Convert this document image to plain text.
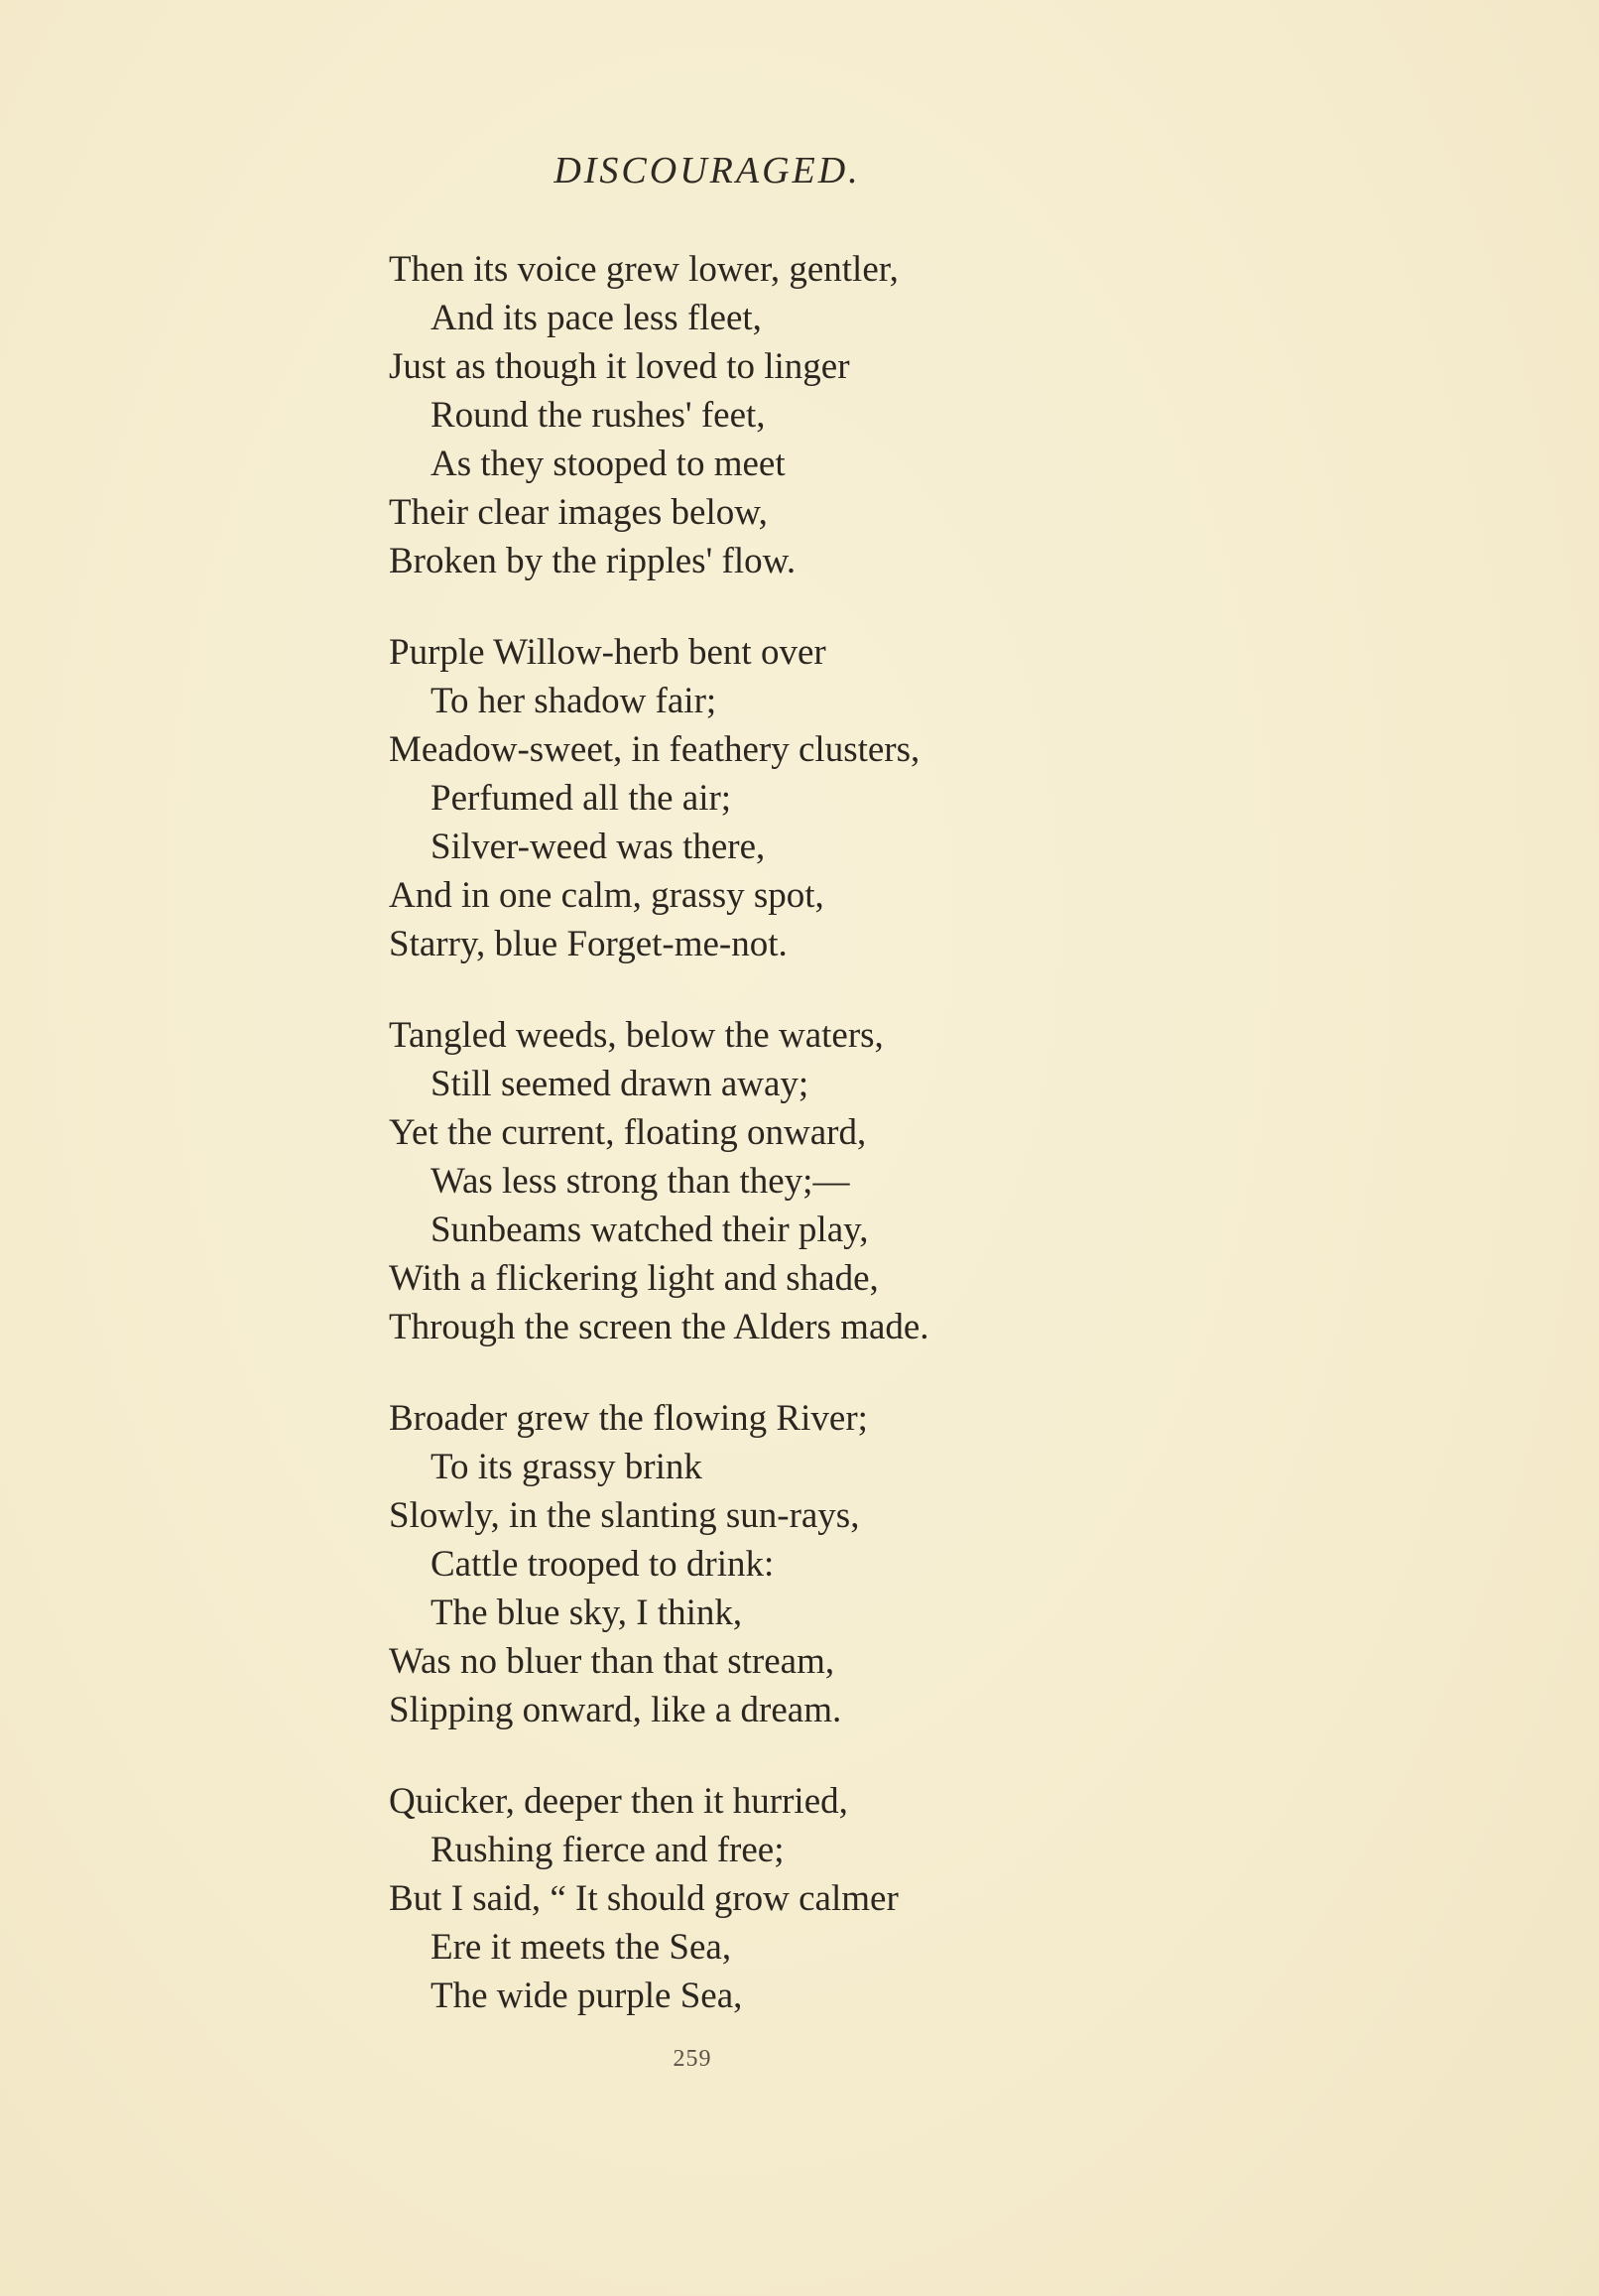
DISCOURAGED.
Then its voice grew lower, gentler,
And its pace less fleet,
Just as though it loved to linger
Round the rushes' feet,
As they stooped to meet
Their clear images below,
Broken by the ripples' flow.
Purple Willow-herb bent over
To her shadow fair;
Meadow-sweet, in feathery clusters,
Perfumed all the air;
Silver-weed was there,
And in one calm, grassy spot,
Starry, blue Forget-me-not.
Tangled weeds, below the waters,
Still seemed drawn away;
Yet the current, floating onward,
Was less strong than they;—
Sunbeams watched their play,
With a flickering light and shade,
Through the screen the Alders made.
Broader grew the flowing River;
To its grassy brink
Slowly, in the slanting sun-rays,
Cattle trooped to drink:
The blue sky, I think,
Was no bluer than that stream,
Slipping onward, like a dream.
Quicker, deeper then it hurried,
Rushing fierce and free;
But I said, “ It should grow calmer
Ere it meets the Sea,
The wide purple Sea,
259
